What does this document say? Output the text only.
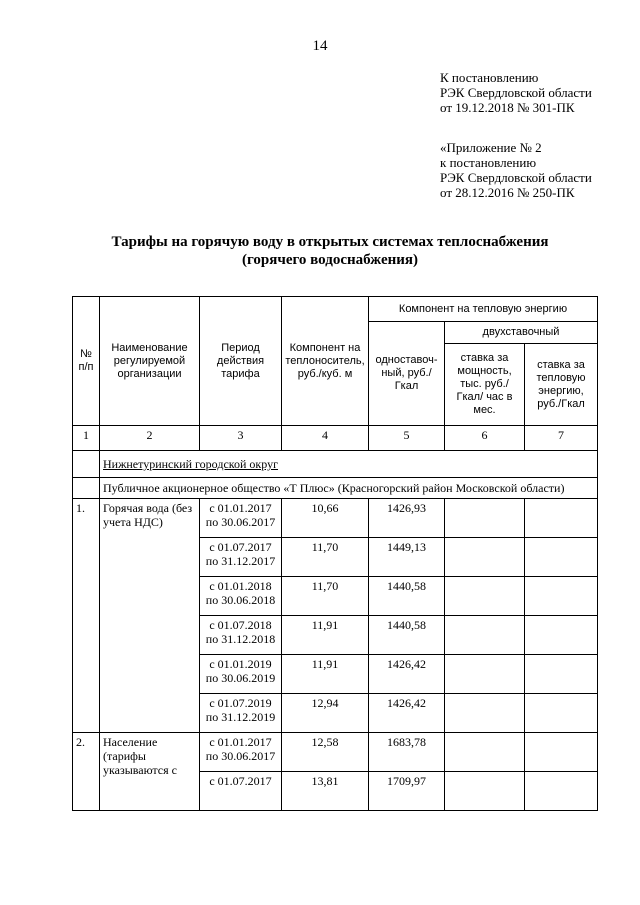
14
К постановлению
РЭК Свердловской области
от 19.12.2018 № 301-ПК
«Приложение № 2
к постановлению
РЭК Свердловской области
от 28.12.2016 № 250-ПК
Тарифы на горячую воду в открытых системах теплоснабжения
(горячего водоснабжения)
№ п/п	Наименование регулируемой организации	Период действия тарифа	Компонент на теплоноситель, руб./куб. м	Компонент на тепловую энергию		
				одноставоч-ный, руб./Гкал	двухставочный	
					ставка за мощность, тыс. руб./Гкал/ час в мес.	ставка за тепловую энергию, руб./Гкал
1	2	3	4	5	6	7
	Нижнетуринский городской округ					
	Публичное акционерное общество «Т Плюс» (Красногорский район Московской области)					
1.	Горячая вода (без учета НДС)	с 01.01.2017
по 30.06.2017	10,66	1426,93		

		с 01.07.2017
по 31.12.2017	11,70	1449,13		

		с 01.01.2018
по 30.06.2018	11,70	1440,58		

		с 01.07.2018
по 31.12.2018	11,91	1440,58		

		с 01.01.2019
по 30.06.2019	11,91	1426,42		

		с 01.07.2019
по 31.12.2019	12,94	1426,42		
2.	Население (тарифы указываются с	с 01.01.2017
по 30.06.2017	12,58	1683,78		

		с 01.07.2017	13,81	1709,97		
